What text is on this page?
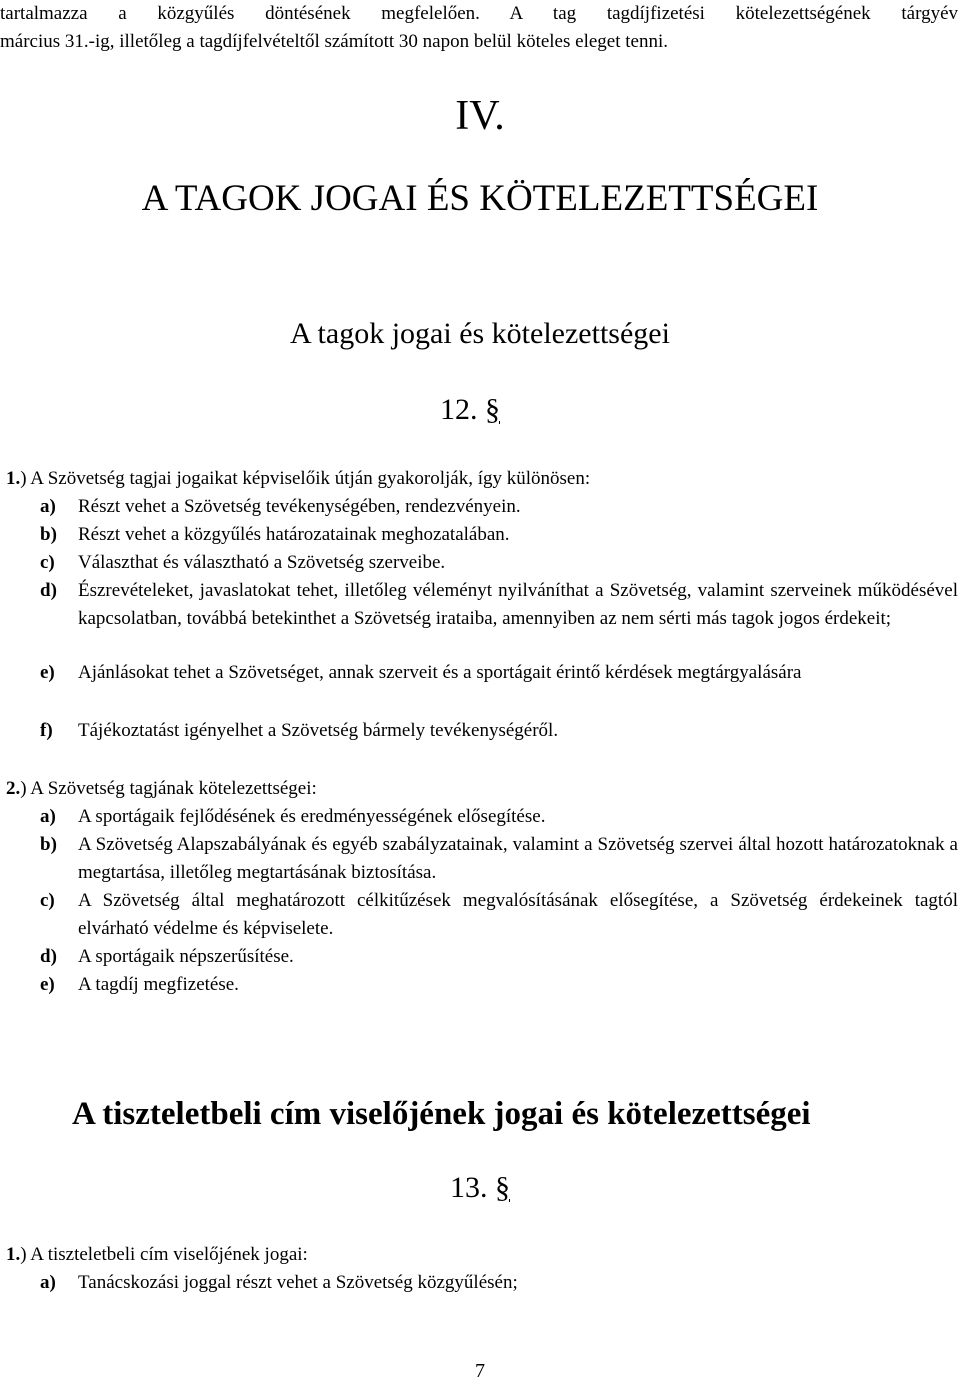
tartalmazza a közgyűlés döntésének megfelelően. A tag tagdíjfizetési kötelezettségének tárgyév
március 31.-ig, illetőleg a tagdíjfelvételtől számított 30 napon belül köteles eleget tenni.
IV.
A TAGOK JOGAI ÉS KÖTELEZETTSÉGEI
A tagok jogai és kötelezettségei
12. §
1.) A Szövetség tagjai jogaikat képviselőik útján gyakorolják, így különösen:
a) Részt vehet a Szövetség tevékenységében, rendezvényein.
b) Részt vehet a közgyűlés határozatainak meghozatalában.
c) Választhat és választható a Szövetség szerveibe.
d) Észrevételeket, javaslatokat tehet, illetőleg véleményt nyilváníthat a Szövetség, valamint szerveinek működésével kapcsolatban, továbbá betekinthet a Szövetség irataiba, amennyiben az nem sérti más tagok jogos érdekeit;
e) Ajánlásokat tehet a Szövetséget, annak szerveit és a sportágait érintő kérdések megtárgyalására
f) Tájékoztatást igényelhet a Szövetség bármely tevékenységéről.
2.) A Szövetség tagjának kötelezettségei:
a) A sportágaik fejlődésének és eredményességének elősegítése.
b) A Szövetség Alapszabályának és egyéb szabályzatainak, valamint a Szövetség szervei által hozott határozatoknak a megtartása, illetőleg megtartásának biztosítása.
c) A Szövetség által meghatározott célkitűzések megvalósításának elősegítése, a Szövetség érdekeinek tagtól elvárható védelme és képviselete.
d) A sportágaik népszerűsítése.
e) A tagdíj megfizetése.
A tiszteletbeli cím viselőjének jogai és kötelezettségei
13. §
1.) A tiszteletbeli cím viselőjének jogai:
a) Tanácskozási joggal részt vehet a Szövetség közgyűlésén;
7
